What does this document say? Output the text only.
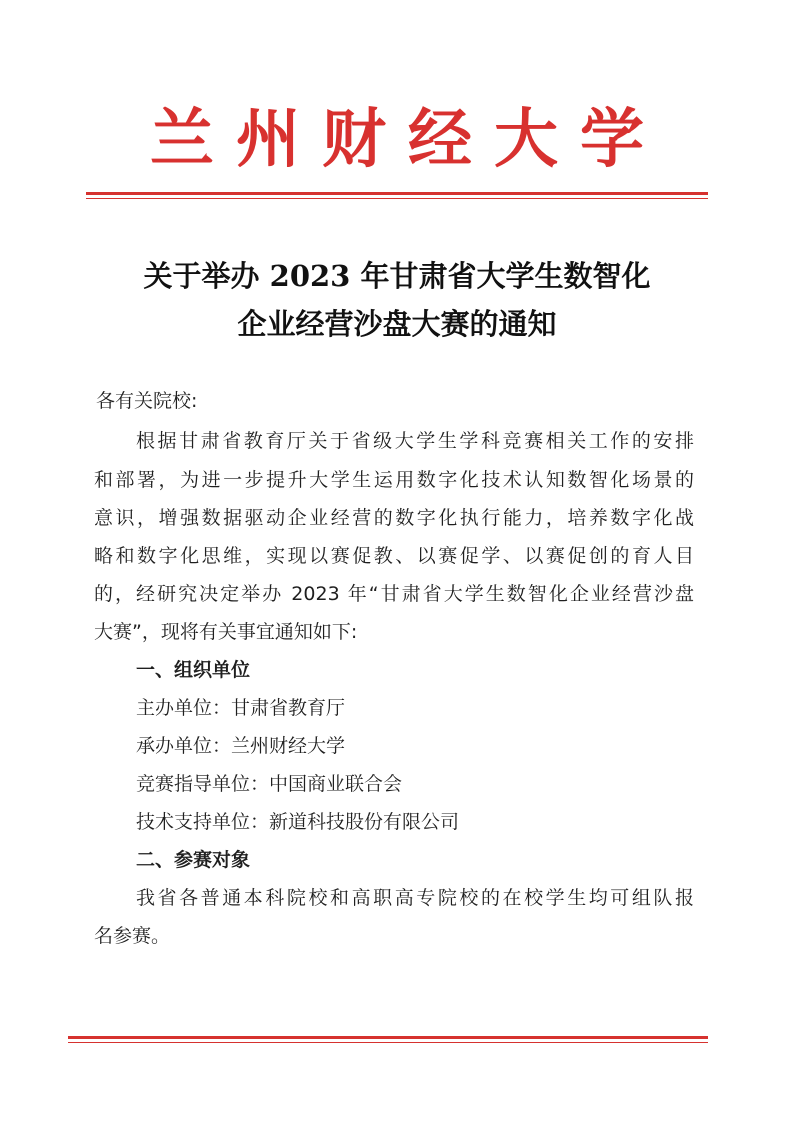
兰州财经大学
关于举办 2023 年甘肃省大学生数智化
企业经营沙盘大赛的通知
各有关院校:
根据甘肃省教育厅关于省级大学生学科竞赛相关工作的安排
和部署，为进一步提升大学生运用数字化技术认知数智化场景的
意识，增强数据驱动企业经营的数字化执行能力，培养数字化战
略和数字化思维，实现以赛促教、以赛促学、以赛促创的育人目
的，经研究决定举办 2023 年“甘肃省大学生数智化企业经营沙盘
大赛”，现将有关事宜通知如下:
一、组织单位
主办单位：甘肃省教育厅
承办单位：兰州财经大学
竞赛指导单位：中国商业联合会
技术支持单位：新道科技股份有限公司
二、参赛对象
我省各普通本科院校和高职高专院校的在校学生均可组队报
名参赛。
